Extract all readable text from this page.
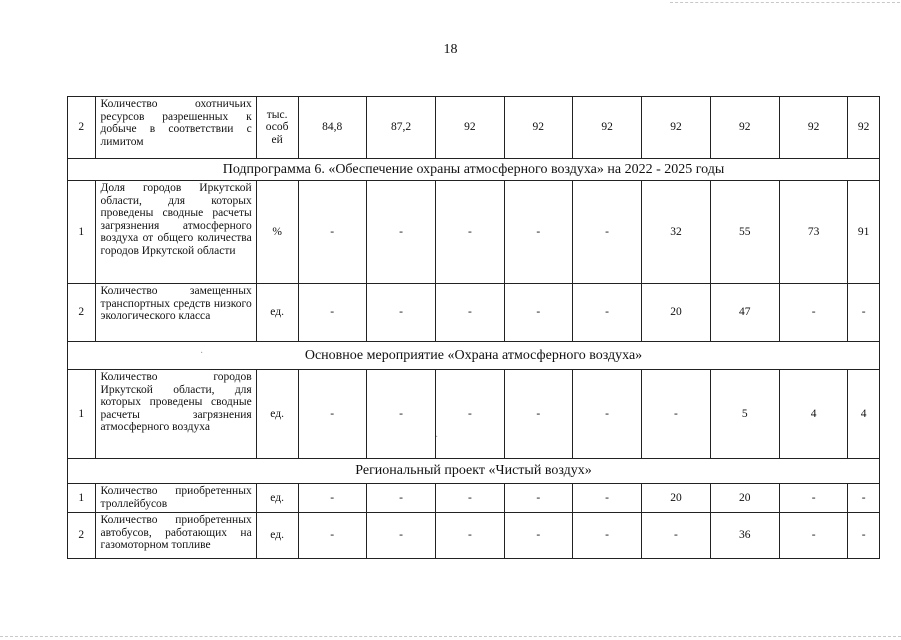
18
2	Количество охотничьих ресурсов разрешенных к добыче в соответствии с лимитом	тыс. особ ей	84,8	87,2	92	92	92	92	92	92	92
Подпрограмма 6. «Обеспечение охраны атмосферного воздуха» на 2022 - 2025 годы											
1	Доля городов Иркутской области, для которых проведены сводные расчеты загрязнения атмосферного воздуха от общего количества городов Иркутской области	%	-	-	-	-	-	32	55	73	91
2	Количество замещенных транспортных средств низкого экологического класса	ед.	-	-	-	-	-	20	47	-	-
Основное мероприятие «Охрана атмосферного воздуха»											
1	Количество городов Иркутской области, для которых проведены сводные расчеты загрязнения атмосферного воздуха	ед.	-	-	-	-	-	-	5	4	4
Региональный проект «Чистый воздух»											
1	Количество приобретенных троллейбусов	ед.	-	-	-	-	-	20	20	-	-
2	Количество приобретенных автобусов, работающих на газомоторном топливе	ед.	-	-	-	-	-	-	36	-	-
·
·
